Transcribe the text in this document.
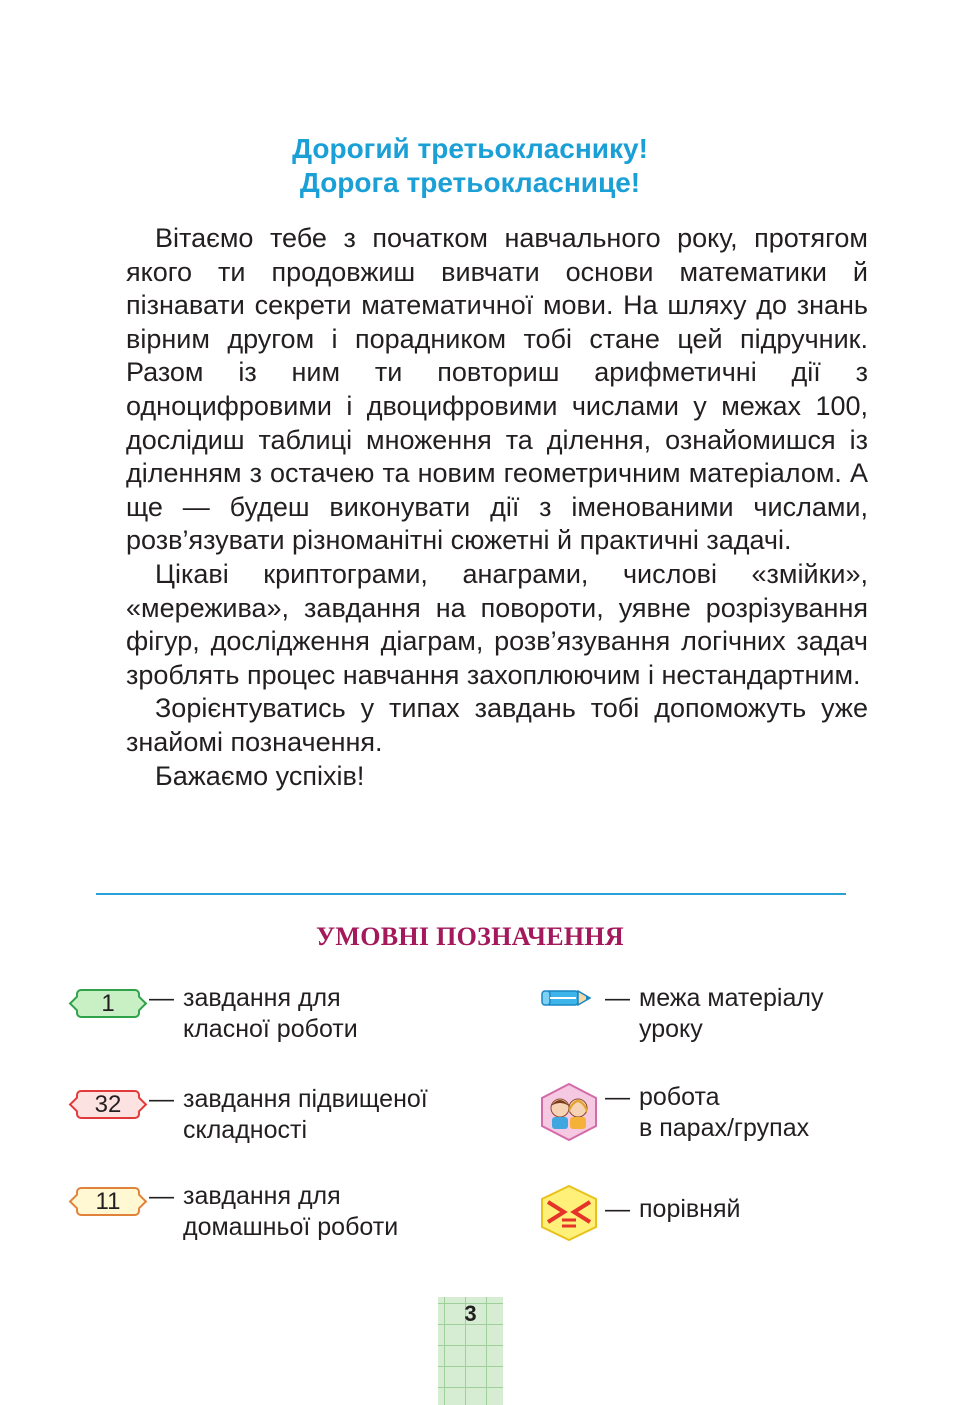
Дорогий третьокласнику!
Дорога третьокласнице!

Вітаємо тебе з початком навчального року, протягом якого ти продовжиш вивчати основи математики й пізнавати секрети математичної мови. На шляху до знань вірним другом і порадником тобі стане цей підручник. Разом із ним ти повториш арифметичні дії з одноцифровими і двоцифровими числами у межах 100, дослідиш таблиці множення та ділення, ознайомишся із діленням з остачею та новим геометричним матеріалом. А ще — будеш виконувати дії з іменованими числами, розв’язувати різноманітні сюжетні й практичні задачі.

Цікаві криптограми, анаграми, числові «змійки», «мережива», завдання на повороти, уявне розрізування фігур, дослідження діаграм, розв’язування логічних задач зроблять процес навчання захоплюючим і нестандартним.

Зорієнтуватись у типах завдань тобі допоможуть уже знайомі позначення.

Бажаємо успіхів!

УМОВНІ ПОЗНАЧЕННЯ
1	— завдання для
класної роботи
32	— завдання підвищеної
складності
11	— завдання для
домашньої роботи
— межа матеріалу
уроку
— робота
в парах/групах
— порівняй
3
